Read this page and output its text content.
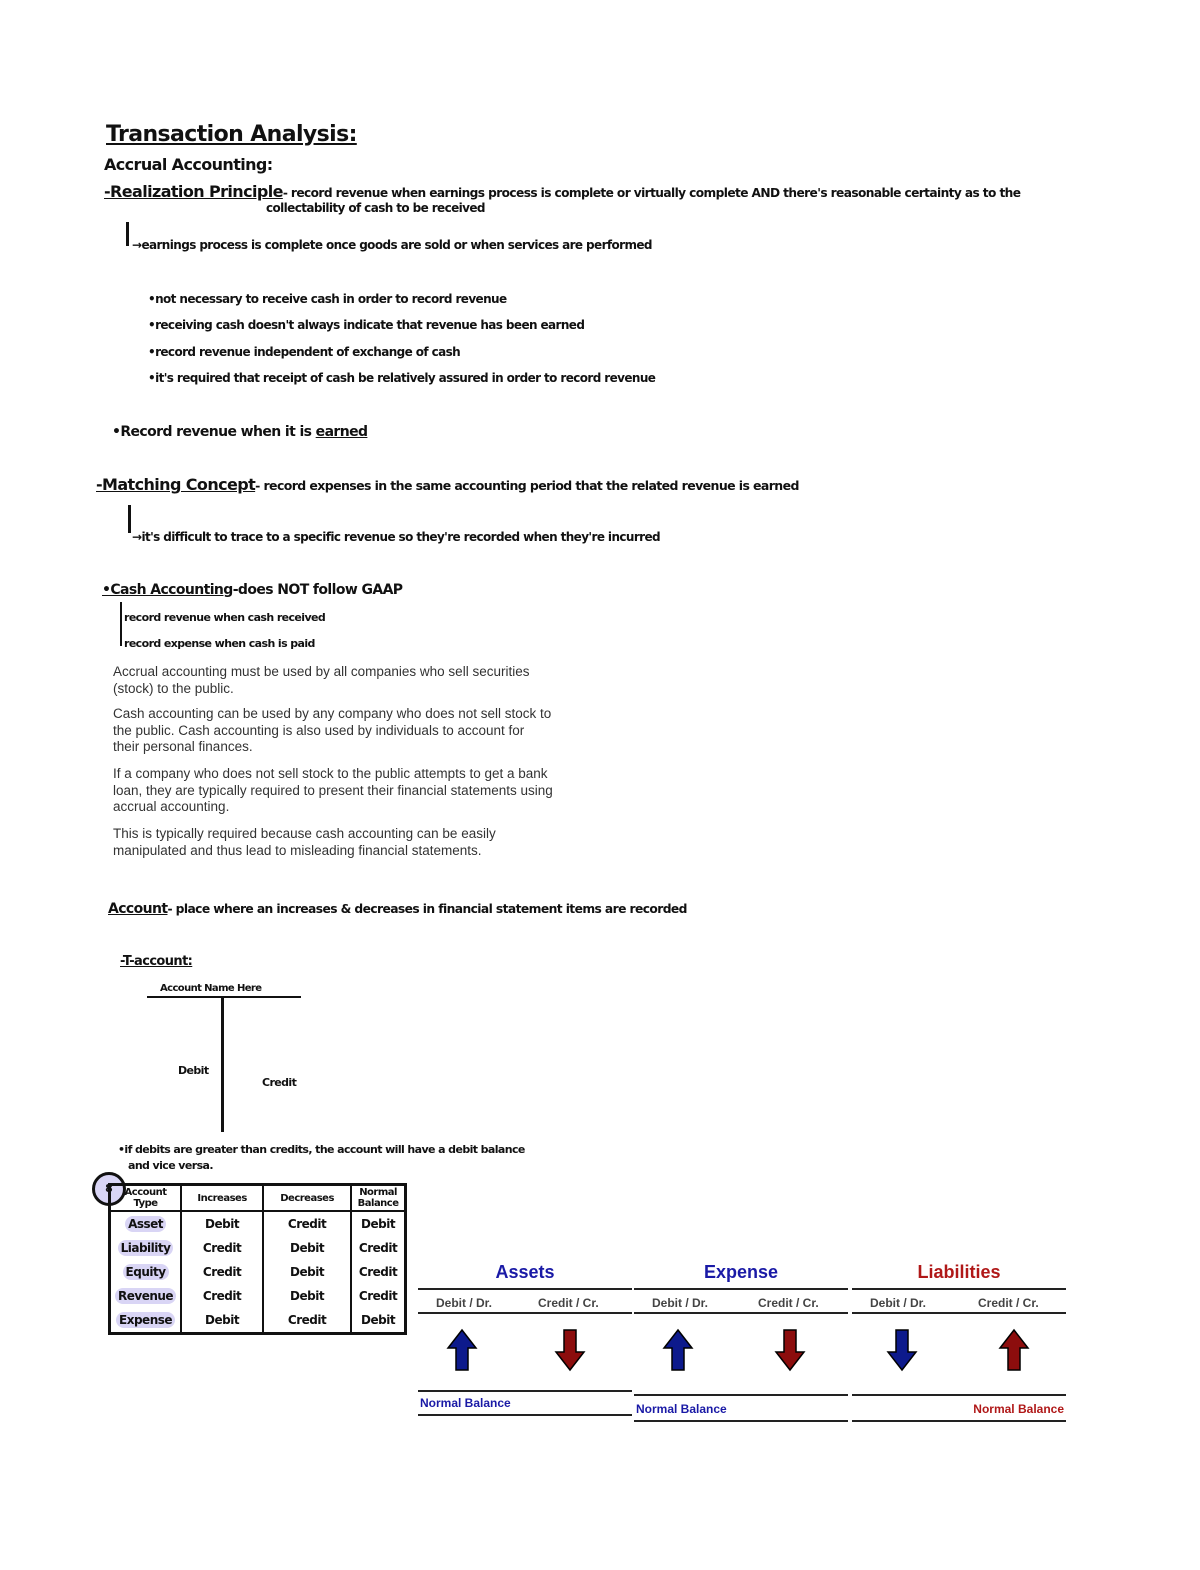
Transaction Analysis:
Accrual Accounting:
-Realization Principle- record revenue when earnings process is complete or virtually complete AND there's reasonable certainty as to the
collectability of cash to be received
→earnings process is complete once goods are sold or when services are performed
•not necessary to receive cash in order to record revenue
•receiving cash doesn't always indicate that revenue has been earned
•record revenue independent of exchange of cash
•it's required that receipt of cash be relatively assured in order to record revenue
•Record revenue when it is earned
-Matching Concept- record expenses in the same accounting period that the related revenue is earned
→it's difficult to trace to a specific revenue so they're recorded when they're incurred
•Cash Accounting-does NOT follow GAAP
record revenue when cash received
record expense when cash is paid
Accrual accounting must be used by all companies who sell securities (stock) to the public.
Cash accounting can be used by any company who does not sell stock to the public. Cash accounting is also used by individuals to account for their personal finances.
If a company who does not sell stock to the public attempts to get a bank loan, they are typically required to present their financial statements using accrual accounting.
This is typically required because cash accounting can be easily manipulated and thus lead to misleading financial statements.
Account- place where an increases & decreases in financial statement items are recorded
-T-account:
Account Name Here
Debit
Credit
•if debits are greater than credits, the account will have a debit balance
and vice versa.
8	Account Type	Increases	Decreases	Normal Balance
Asset	Debit	Credit	Debit
Liability	Credit	Debit	Credit
Equity	Credit	Debit	Credit
Revenue	Credit	Debit	Credit
Expense	Debit	Credit	Debit
Assets
Debit / Dr.	Credit / Cr.
Normal Balance
Expense
Debit / Dr.	Credit / Cr.
Normal Balance
Liabilities
Debit / Dr.	Credit / Cr.
Normal Balance
